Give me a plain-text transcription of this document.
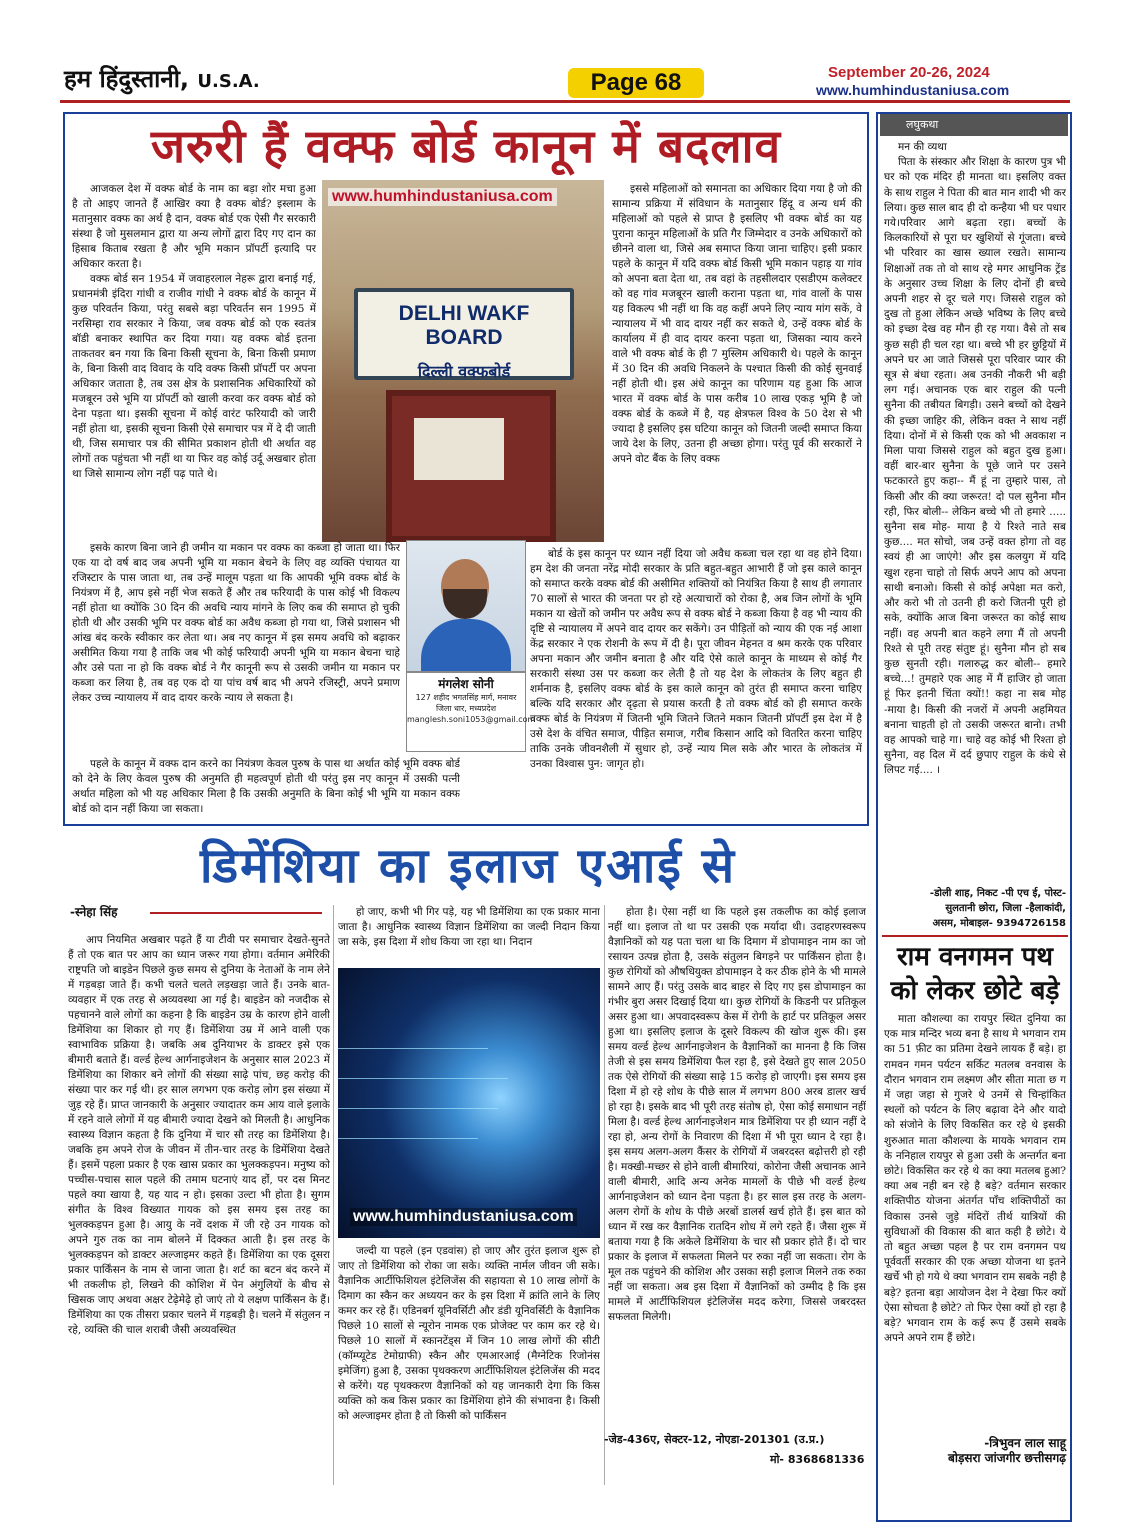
हम हिंदुस्तानी, U.S.A.	Page 68	September 20-26, 2024
www.humhindustaniusa.com
जरुरी हैं वक्फ बोर्ड कानून में बदलाव

आजकल देश में वक्फ बोर्ड के नाम का बड़ा शोर मचा हुआ है तो आइए जानते हैं आखिर क्या है वक्फ बोर्ड? इस्लाम के मतानुसार वक्फ का अर्थ है दान, वक्फ बोर्ड एक ऐसी गैर सरकारी संस्था है जो मुसलमान द्वारा या अन्य लोगों द्वारा दिए गए दान का हिसाब किताब रखता है और भूमि मकान प्रॉपर्टी इत्यादि पर अधिकार करता है।

वक्फ बोर्ड सन 1954 में जवाहरलाल नेहरू द्वारा बनाई गई, प्रधानमंत्री इंदिरा गांधी व राजीव गांधी ने वक्फ बोर्ड के कानून में कुछ परिवर्तन किया, परंतु सबसे बड़ा परिवर्तन सन 1995 में नरसिम्हा राव सरकार ने किया, जब वक्फ बोर्ड को एक स्वतंत्र बॉडी बनाकर स्थापित कर दिया गया। यह वक्फ बोर्ड इतना ताकतवर बन गया कि बिना किसी सूचना के, बिना किसी प्रमाण के, बिना किसी वाद विवाद के यदि वक्फ किसी प्रॉपर्टी पर अपना अधिकार जताता है, तब उस क्षेत्र के प्रशासनिक अधिकारियों को मजबूरन उसे भूमि या प्रॉपर्टी को खाली करवा कर वक्फ बोर्ड को देना पड़ता था। इसकी सूचना में कोई वारंट फरियादी को जारी नहीं होता था, इसकी सूचना किसी ऐसे समाचार पत्र में दे दी जाती थी, जिस समाचार पत्र की सीमित प्रकाशन होती थी अर्थात वह लोगों तक पहुंचता भी नहीं था या फिर वह कोई उर्दू अखबार होता था जिसे सामान्य लोग नहीं पढ़ पाते थे।

www.humhindustaniusa.com
DELHI WAKF BOARD
दिल्ली वक्फबोर्ड

इसके कारण बिना जाने ही जमीन या मकान पर वक्फ का कब्जा हो जाता था। फिर एक या दो वर्ष बाद जब अपनी भूमि या मकान बेचने के लिए वह व्यक्ति पंचायत या रजिस्टार के पास जाता था, तब उन्हें मालूम पड़ता था कि आपकी भूमि वक्फ बोर्ड के नियंत्रण में है, आप इसे नहीं भेज सकते हैं और तब फरियादी के पास कोई भी विकल्प नहीं होता था क्योंकि 30 दिन की अवधि न्याय मांगने के लिए कब की समाप्त हो चुकी होती थी और उसकी भूमि पर वक्फ बोर्ड का अवैध कब्जा हो गया था, जिसे प्रशासन भी आंख बंद करके स्वीकार कर लेता था। अब नए कानून में इस समय अवधि को बढ़ाकर असीमित किया गया है ताकि जब भी कोई फरियादी अपनी भूमि या मकान बेचना चाहे और उसे पता ना हो कि वक्फ बोर्ड ने गैर कानूनी रूप से उसकी जमीन या मकान पर कब्जा कर लिया है, तब वह एक दो या पांच वर्ष बाद भी अपने रजिस्ट्री, अपने प्रमाण लेकर उच्च न्यायालय में वाद दायर करके न्याय ले सकता है।

पहले के कानून में वक्फ दान करने का नियंत्रण केवल पुरुष के पास था अर्थात कोई भूमि वक्फ बोर्ड को देने के लिए केवल पुरुष की अनुमति ही महत्वपूर्ण होती थी परंतु इस नए कानून में उसकी पत्नी अर्थात महिला को भी यह अधिकार मिला है कि उसकी अनुमति के बिना कोई भी भूमि या मकान वक्फ बोर्ड को दान नहीं किया जा सकता।

मंगलेश सोनी
127 शहीद भगतसिंह मार्ग, मनावर जिला धार, मध्यप्रदेश
manglesh.soni1053@gmail.com

इससे महिलाओं को समानता का अधिकार दिया गया है जो की सामान्य प्रक्रिया में संविधान के मतानुसार हिंदू व अन्य धर्म की महिलाओं को पहले से प्राप्त है इसलिए भी वक्फ बोर्ड का यह पुराना कानून महिलाओं के प्रति गैर जिम्मेदार व उनके अधिकारों को छीनने वाला था, जिसे अब समाप्त किया जाना चाहिए। इसी प्रकार पहले के कानून में यदि वक्फ बोर्ड किसी भूमि मकान पहाड़ या गांव को अपना बता देता था, तब वहां के तहसीलदार एसडीएम कलेक्टर को वह गांव मजबूरन खाली कराना पड़ता था, गांव वालों के पास यह विकल्प भी नहीं था कि वह कहीं अपने लिए न्याय मांग सकें, वे न्यायालय में भी वाद दायर नहीं कर सकते थे, उन्हें वक्फ बोर्ड के कार्यालय में ही वाद दायर करना पड़ता था, जिसका न्याय करने वाले भी वक्फ बोर्ड के ही 7 मुस्लिम अधिकारी थे। पहले के कानून में 30 दिन की अवधि निकलने के पश्चात किसी की कोई सुनवाई नहीं होती थी। इस अंधे कानून का परिणाम यह हुआ कि आज भारत में वक्फ बोर्ड के पास करीब 10 लाख एकड़ भूमि है जो वक्फ बोर्ड के कब्जे में है, यह क्षेत्रफल विश्व के 50 देश से भी ज्यादा है इसलिए इस घटिया कानून को जितनी जल्दी समाप्त किया जाये देश के लिए, उतना ही अच्छा होगा। परंतु पूर्व की सरकारों ने अपने वोट बैंक के लिए वक्फ

बोर्ड के इस कानून पर ध्यान नहीं दिया जो अवैध कब्जा चल रहा था वह होने दिया। हम देश की जनता नरेंद्र मोदी सरकार के प्रति बहुत-बहुत आभारी हैं जो इस काले कानून को समाप्त करके वक्फ बोर्ड की असीमित शक्तियों को नियंत्रित किया है साथ ही लगातार 70 सालों से भारत की जनता पर हो रहे अत्याचारों को रोका है, अब जिन लोगों के भूमि मकान या खेतों को जमीन पर अवैध रूप से वक्फ बोर्ड ने कब्जा किया है वह भी न्याय की दृष्टि से न्यायालय में अपने वाद दायर कर सकेंगे। उन पीड़ितों को न्याय की एक नई आशा केंद्र सरकार ने एक रोशनी के रूप में दी है। पूरा जीवन मेहनत व श्रम करके एक परिवार अपना मकान और जमीन बनाता है और यदि ऐसे काले कानून के माध्यम से कोई गैर सरकारी संस्था उस पर कब्जा कर लेती है तो यह देश के लोकतंत्र के लिए बहुत ही शर्मनाक है, इसलिए वक्फ बोर्ड के इस काले कानून को तुरंत ही समाप्त करना चाहिए बल्कि यदि सरकार और दृढ़ता से प्रयास करती है तो वक्फ बोर्ड को ही समाप्त करके वक्फ बोर्ड के नियंत्रण में जितनी भूमि जितने जितने मकान जितनी प्रॉपर्टी इस देश में है उसे देश के वंचित समाज, पीड़ित समाज, गरीब किसान आदि को वितरित करना चाहिए ताकि उनके जीवनशैली में सुधार हो, उन्हें न्याय मिल सके और भारत के लोकतंत्र में उनका विश्वास पुन: जागृत हो।

डिमेंशिया का इलाज एआई से
-स्नेहा सिंह

आप नियमित अखबार पढ़ते हैं या टीवी पर समाचार देखते-सुनते हैं तो एक बात पर आप का ध्यान जरूर गया होगा। वर्तमान अमेरिकी राष्ट्रपति जो बाइडेन पिछले कुछ समय से दुनिया के नेताओं के नाम लेने में गड़बड़ा जाते हैं। कभी चलते चलते लड़खड़ा जाते हैं। उनके बात-व्यवहार में एक तरह से अव्यवस्था आ गई है। बाइडेन को नजदीक से पहचानने वाले लोगों का कहना है कि बाइडेन उम्र के कारण होने वाली डिमेंशिया का शिकार हो गए हैं। डिमेंशिया उम्र में आने वाली एक स्वाभाविक प्रक्रिया है। जबकि अब दुनियाभर के डाक्टर इसे एक बीमारी बताते हैं। वर्ल्ड हेल्थ आर्गनाइजेशन के अनुसार साल 2023 में डिमेंशिया का शिकार बने लोगों की संख्या साढ़े पांच, छह करोड़ की संख्या पार कर गई थी। हर साल लगभग एक करोड़ लोग इस संख्या में जुड़ रहे हैं। प्राप्त जानकारी के अनुसार ज्यादातर कम आय वाले इलाके में रहने वाले लोगों में यह बीमारी ज्यादा देखने को मिलती है। आधुनिक स्वास्थ्य विज्ञान कहता है कि दुनिया में चार सौ तरह का डिमेंशिया है। जबकि हम अपने रोज के जीवन में तीन-चार तरह के डिमेंशिया देखते हैं। इसमें पहला प्रकार है एक खास प्रकार का भुलक्कड़पन। मनुष्य को पच्चीस-पचास साल पहले की तमाम घटनाएं याद होंं, पर दस मिनट पहले क्या खाया है, यह याद न हो। इसका उल्टा भी होता है। सुगम संगीत के विश्व विख्यात गायक को इस समय इस तरह का भुलक्कड़पन हुआ है। आयु के नवें दशक में जी रहे उन गायक को अपने गुरु तक का नाम बोलने में दिक्कत आती है। इस तरह के भुलक्कड़पन को डाक्टर अल्जाइमर कहते हैं। डिमेंशिया का एक दूसरा प्रकार पार्किंसन के नाम से जाना जाता है। शर्ट का बटन बंद करने में भी तकलीफ हो, लिखने की कोशिश में पेन अंगुलियों के बीच से खिसक जाए अथवा अक्षर टेढ़ेमेढ़े हो जाएं तो ये लक्षण पार्किंसन के हैं। डिमेंशिया का एक तीसरा प्रकार चलने में गड़बड़ी है। चलने में संतुलन न रहे, व्यक्ति की चाल शराबी जैसी अव्यवस्थित

हो जाए, कभी भी गिर पड़े, यह भी डिमेंशिया का एक प्रकार माना जाता है। आधुनिक स्वास्थ्य विज्ञान डिमेंशिया का जल्दी निदान किया जा सके, इस दिशा में शोध किया जा रहा था। निदान

www.humhindustaniusa.com

जल्दी या पहले (इन एडवांस) हो जाए और तुरंत इलाज शुरू हो जाए तो डिमेंशिया को रोका जा सके। व्यक्ति नार्मल जीवन जी सके। वैज्ञानिक आर्टीफिशियल इंटेलिजेंस की सहायता से 10 लाख लोगों के दिमाग का स्कैन कर अध्ययन कर के इस दिशा में क्रांति लाने के लिए कमर कर रहे हैं। एडिनबर्ग यूनिवर्सिटी और डंडी यूनिवर्सिटी के वैज्ञानिक पिछले 10 सालों से न्यूरोन नामक एक प्रोजेक्ट पर काम कर रहे थे। पिछले 10 सालों में स्कानटेंड्स में जिन 10 लाख लोगों की सीटी (कॉम्प्यूटेड टेमोग्राफी) स्कैन और एमआरआई (मैग्नेटिक रिजोनंस इमेजिंग) हुआ है, उसका पृथक्करण आर्टीफिशियल इंटेलिजेंस की मदद से करेंगे। यह पृथक्करण वैज्ञानिकों को यह जानकारी देगा कि किस व्यक्ति को कब किस प्रकार का डिमेंशिया होने की संभावना है। किसी को अल्जाइमर होता है तो किसी को पार्किंसन

होता है। ऐसा नहीं था कि पहले इस तकलीफ का कोई इलाज नहीं था। इलाज तो था पर उसकी एक मर्यादा थी। उदाहरणस्वरूप वैज्ञानिकों को यह पता चला था कि दिमाग में डोपामाइन नाम का जो रसायन उत्पन्न होता है, उसके संतुलन बिगड़ने पर पार्किंसन होता है। कुछ रोगियों को औषधियुक्त डोपामाइन दे कर ठीक होने के भी मामले सामने आए हैं। परंतु उसके बाद बाहर से दिए गए इस डोपामाइन का गंभीर बुरा असर दिखाई दिया था। कुछ रोगियों के किडनी पर प्रतिकूल असर हुआ था। अपवादस्वरूप केस में रोगी के हार्ट पर प्रतिकूल असर हुआ था। इसलिए इलाज के दूसरे विकल्प की खोज शुरू की। इस समय वर्ल्ड हेल्थ आर्गनाइजेशन के वैज्ञानिकों का मानना है कि जिस तेजी से इस समय डिमेंशिया फैल रहा है, इसे देखते हुए साल 2050 तक ऐसे रोगियों की संख्या साढ़े 15 करोड़ हो जाएगी। इस समय इस दिशा में हो रहे शोध के पीछे साल में लगभग 800 अरब डालर खर्च हो रहा है। इसके बाद भी पूरी तरह संतोष हो, ऐसा कोई समाधान नहीं मिला है। वर्ल्ड हेल्थ आर्गनाइजेशन मात्र डिमेंशिया पर ही ध्यान नहीं दे रहा हो, अन्य रोगों के निवारण की दिशा में भी पूरा ध्यान दे रहा है। इस समय अलग-अलग कैंसर के रोगियों में जबरदस्त बढ़ोत्तरी हो रही है। मक्खी-मच्छर से होने वाली बीमारियां, कोरोना जैसी अचानक आने वाली बीमारी, आदि अन्य अनेक मामलों के पीछे भी वर्ल्ड हेल्थ आर्गनाइजेशन को ध्यान देना पड़ता है। हर साल इस तरह के अलग-अलग रोगों के शोध के पीछे अरबों डालर्स खर्च होते हैं। इस बात को ध्यान में रख कर वैज्ञानिक रातदिन शोध में लगे रहते हैं। जैसा शुरू में बताया गया है कि अकेले डिमेंशिया के चार सौ प्रकार होते हैं। दो चार प्रकार के इलाज में सफलता मिलने पर रुका नहीं जा सकता। रोग के मूल तक पहुंचने की कोशिश और उसका सही इलाज मिलने तक रुका नहीं जा सकता। अब इस दिशा में वैज्ञानिकों को उम्मीद है कि इस मामले में आर्टीफिशियल इंटेलिजेंस मदद करेगा, जिससे जबरदस्त सफलता मिलेगी।

-जेड-436ए, सेक्टर-12, नोएडा-201301 (उ.प्र.)
मो- 8368681336
लघुकथा

मन की व्यथा

पिता के संस्कार और शिक्षा के कारण पुत्र भी घर को एक मंदिर ही मानता था। इसलिए वक्त के साथ राहुल ने पिता की बात मान शादी भी कर लिया। कुछ साल बाद ही दो कन्हैया भी घर पधार गये।परिवार आगे बढ़ता रहा। बच्चों के किलकारियों से पूरा घर खुशियों से गूंजता। बच्चे भी परिवार का खास ख्याल रखते। सामान्य शिक्षाओं तक तो वो साथ रहे मगर आधुनिक ट्रेंड के अनुसार उच्च शिक्षा के लिए दोनों ही बच्चे अपनी शहर से दूर चले गए। जिससे राहुल को दुख तो हुआ लेकिन अच्छे भविष्य के लिए बच्चे को इच्छा देख वह मौन ही रह गया। वैसे तो सब कुछ सही ही चल रहा था। बच्चे भी हर छुट्टियों में अपने घर आ जाते जिससे पूरा परिवार प्यार की सूत्र से बंधा रहता। अब उनकी नौकरी भी बड़ी लग गई। अचानक एक बार राहुल की पत्नी सुनैना की तबीयत बिगड़ी। उसने बच्चों को देखने की इच्छा जाहिर की, लेकिन वक्त ने साथ नहीं दिया। दोनों में से किसी एक को भी अवकाश न मिला पाया जिससे राहुल को बहुत दुख हुआ। वहीं बार-बार सुनैना के पूछे जाने पर उसने फटकारते हुए कहा-- मैं हूं ना तुम्हारे पास, तो किसी और की क्या जरूरत! दो पल सुनैना मौन रही, फिर बोली-- लेकिन बच्चे भी तो हमारे ..... सुनैना सब मोह- माया है ये रिश्ते नाते सब कुछ.... मत सोचो, जब उन्हें वक्त होगा तो वह स्वयं ही आ जाएंगे! और इस कलयुग में यदि खुश रहना चाहो तो सिर्फ अपने आप को अपना साथी बनाओ। किसी से कोई अपेक्षा मत करो, और करो भी तो उतनी ही करो जितनी पूरी हो सके, क्योंकि आज बिना जरूरत का कोई साथ नहीं। वह अपनी बात कहने लगा मैं तो अपनी रिश्ते से पूरी तरह संतुष्ट हूं। सुनैना मौन हो सब कुछ सुनती रही। गलारुद्ध कर बोली-- हमारे बच्चे...! तुमहारे एक आह में मैं हाजिर हो जाता हूं फिर इतनी चिंता क्यों!! कहा ना सब मोह -माया है। किसी की नजरों में अपनी अहमियत बनाना चाहती हो तो उसकी जरूरत बानो। तभी वह आपको चाहे गा। चाहे वह कोई भी रिश्ता हो सुनैना, वह दिल में दर्द छुपाए राहुल के कंधे से लिपट गई.... ।

-डोली शाह, निकट -पी एच ई, पोस्ट-
सुलतानी छोरा, जिला -हैलाकांदी,
असम, मोबाइल- 9394726158
राम वनगमन पथ को लेकर छोटे बड़े

माता कौशल्या का रायपुर स्थित दुनिया का एक मात्र मन्दिर भव्य बना है साथ मे भगवान राम का 51 फ़ीट का प्रतिमा देखने लायक हैं बड़े। हा रामवन गमन पर्यटन सर्किट मतलब वनवास के दौरान भगवान राम लक्ष्मण और सीता माता छ ग में जहा जहा से गुजरे थे उनमें से चिन्हांकित स्थलों को पर्यटन के लिए बढ़ावा देने और यादो को संजोने के लिए विकसित कर रहे थे इसकी शुरुआत माता कौशल्या के मायके भगवान राम के ननिहाल रायपुर से हुआ उसी के अन्तर्गत बना छोटे। विकसित कर रहे थे का क्या मतलब हुआ?क्या अब नही बन रहे है बड़े? वर्तमान सरकार शक्तिपीठ योजना अंतर्गत पाँच शक्तिपीठों का विकास उनसे जुड़े मंदिरों तीर्थ यात्रियों की सुविधाओं की विकास की बात कही है छोटे। ये तो बहुत अच्छा पहल है पर राम वनगमन पथ पूर्ववर्ती सरकार की एक अच्छा योजना था इतने खर्चे भी हो गये थे क्या भगवान राम सबके नही है बड़े? इतना बड़ा आयोजन देश ने देखा फिर क्यों ऐसा सोचता है छोटे? तो फिर ऐसा क्यों हो रहा है बड़े? भगवान राम के कई रूप हैं उसमे सबके अपने अपने राम हैं छोटे।

-त्रिभुवन लाल साहू
बोड़सरा जांजगीर छत्तीसगढ़
